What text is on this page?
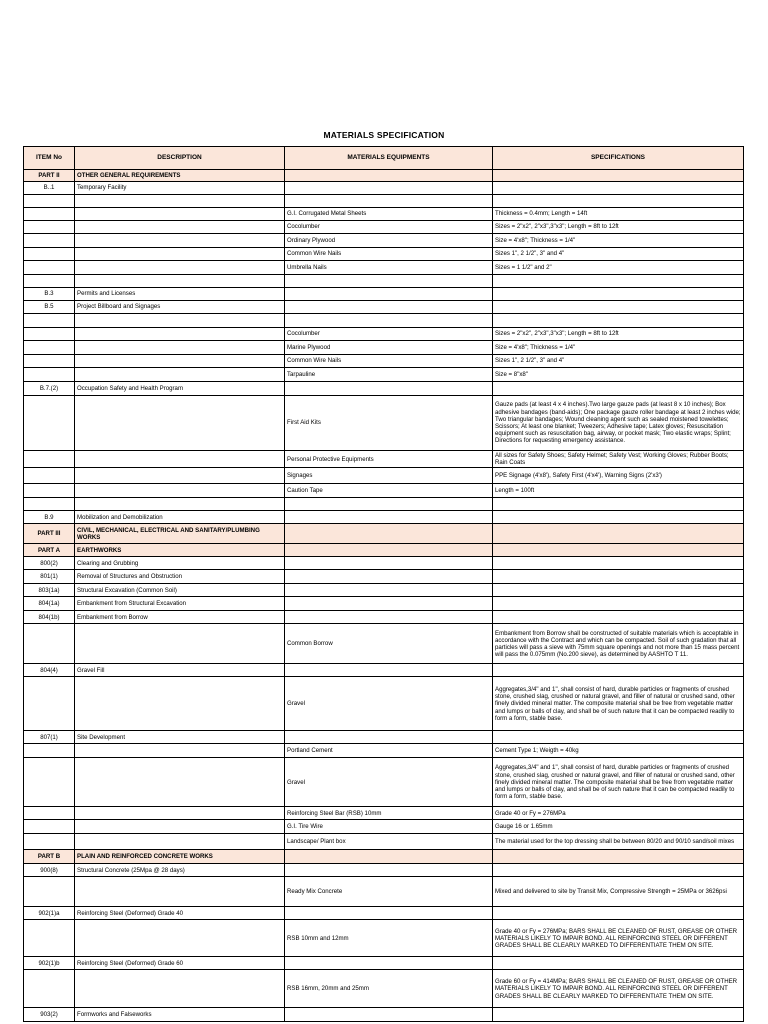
MATERIALS SPECIFICATION
ITEM No	DESCRIPTION	MATERIALS EQUIPMENTS	SPECIFICATIONS
PART II	OTHER GENERAL REQUIREMENTS		
B..1	Temporary Facility		

		G.I. Corrugated Metal Sheets	Thickness = 0.4mm; Length = 14ft
		Cocolumber	Sizes = 2"x2", 2"x3",3"x3"; Length = 8ft to 12ft
		Ordinary Plywood	Size = 4'x8"; Thickness = 1/4"
		Common Wire Nails	Sizes 1", 2 1/2", 3" and 4"
		Umbrella Nails	Sizes = 1 1/2" and 2"

B.3	Permits and Licenses		
B.5	Project Billboard and Signages		

		Cocolumber	Sizes = 2"x2", 2"x3",3"x3"; Length = 8ft to 12ft
		Marine Plywood	Size = 4'x8"; Thickness = 1/4"
		Common Wire Nails	Sizes 1", 2 1/2", 3" and 4"
		Tarpauline	Size = 8"x8"
B.7.(2)	Occupation Safety and Health Program		
		First Aid Kits	Gauze pads (at least 4 x 4 inches).Two large gauze pads (at least 8 x 10 inches); Box adhesive bandages (band-aids); One package gauze roller bandage at least 2 inches wide; Two triangular bandages; Wound cleaning agent such as sealed moistened towelettes; Scissors; At least one blanket; Tweezers; Adhesive tape; Latex gloves; Resuscitation equipment such as resuscitation bag, airway, or pocket mask; Two elastic wraps; Splint; Directions for requesting emergency assistance.
		Personal Protective Equipments	All sizes for Safety Shoes; Safety Helmet; Safety Vest; Working Gloves; Rubber Boots; Rain Coats
		Signages	PPE Signage (4'x8'), Safety First (4'x4'), Warning Signs (2'x3')
		Caution Tape	Length = 100ft

B.9	Mobilization and Demobilization		
PART III	CIVIL, MECHANICAL, ELECTRICAL AND SANITARY/PLUMBING WORKS		
PART A	EARTHWORKS		
800(2)	Clearing and Grubbing		
801(1)	Removal of Structures and Obstruction		
803(1a)	Structural Excavation (Common Soil)		
804(1a)	Embankment from Structural Excavation		
804(1b)	Embankment from Borrow		
		Common Borrow	Embankment from Borrow shall be constructed of suitable materials which is acceptable in accordance with the Contract and which can be compacted. Soil of such gradation that all particles will pass a sieve with 75mm square openings and not more than 15 mass percent will pass the 0.075mm (No.200 sieve), as determined by AASHTO T 11.
804(4)	Gravel Fill		
		Gravel	Aggregates,3/4" and 1", shall consist of hard, durable particles or fragments of crushed stone, crushed slag, crushed or natural gravel, and filler of natural or crushed sand, other finely divided mineral matter. The composite material shall be free from vegetable matter and lumps or balls of clay, and shall be of such nature that it can be compacted readily to form a form, stable base.
807(1)	Site Development		
		Portland Cement	Cement Type 1; Weigth = 40kg
		Gravel	Aggregates,3/4" and 1", shall consist of hard, durable particles or fragments of crushed stone, crushed slag, crushed or natural gravel, and filler of natural or crushed sand, other finely divided mineral matter. The composite material shall be free from vegetable matter and lumps or balls of clay, and shall be of such nature that it can be compacted readily to form a form, stable base.
		Reinforcing Steel Bar (RSB) 10mm	Grade 40 or Fy = 276MPa
		G.I. Tire Wire	Gauge 16 or 1.65mm
		Landscape/ Plant box	The material used for the top dressing shall be between 80/20 and 90/10 sand/soil mixes
PART B	PLAIN AND REINFORCED CONCRETE WORKS		
900(8)	Structural Concrete (25Mpa @ 28 days)		
		Ready Mix Concrete	Mixed and delivered to site by Transit Mix, Compressive Strength = 25MPa or 3626psi
902(1)a	Reinforcing Steel (Deformed) Grade 40		
		RSB 10mm and 12mm	Grade 40 or Fy = 276MPa; BARS SHALL BE CLEANED OF RUST, GREASE OR OTHER MATERIALS LIKELY TO IMPAIR BOND. ALL REINFORCING STEEL OR DIFFERENT GRADES SHALL BE CLEARLY MARKED TO DIFFERENTIATE THEM ON SITE.
902(1)b	Reinforcing Steel (Deformed) Grade 60		
		RSB 16mm, 20mm and 25mm	Grade 60 or Fy = 414MPa; BARS SHALL BE CLEANED OF RUST, GREASE OR OTHER MATERIALS LIKELY TO IMPAIR BOND. ALL REINFORCING STEEL OR DIFFERENT GRADES SHALL BE CLEARLY MARKED TO DIFFERENTIATE THEM ON SITE.
903(2)	Formworks and Falseworks		
